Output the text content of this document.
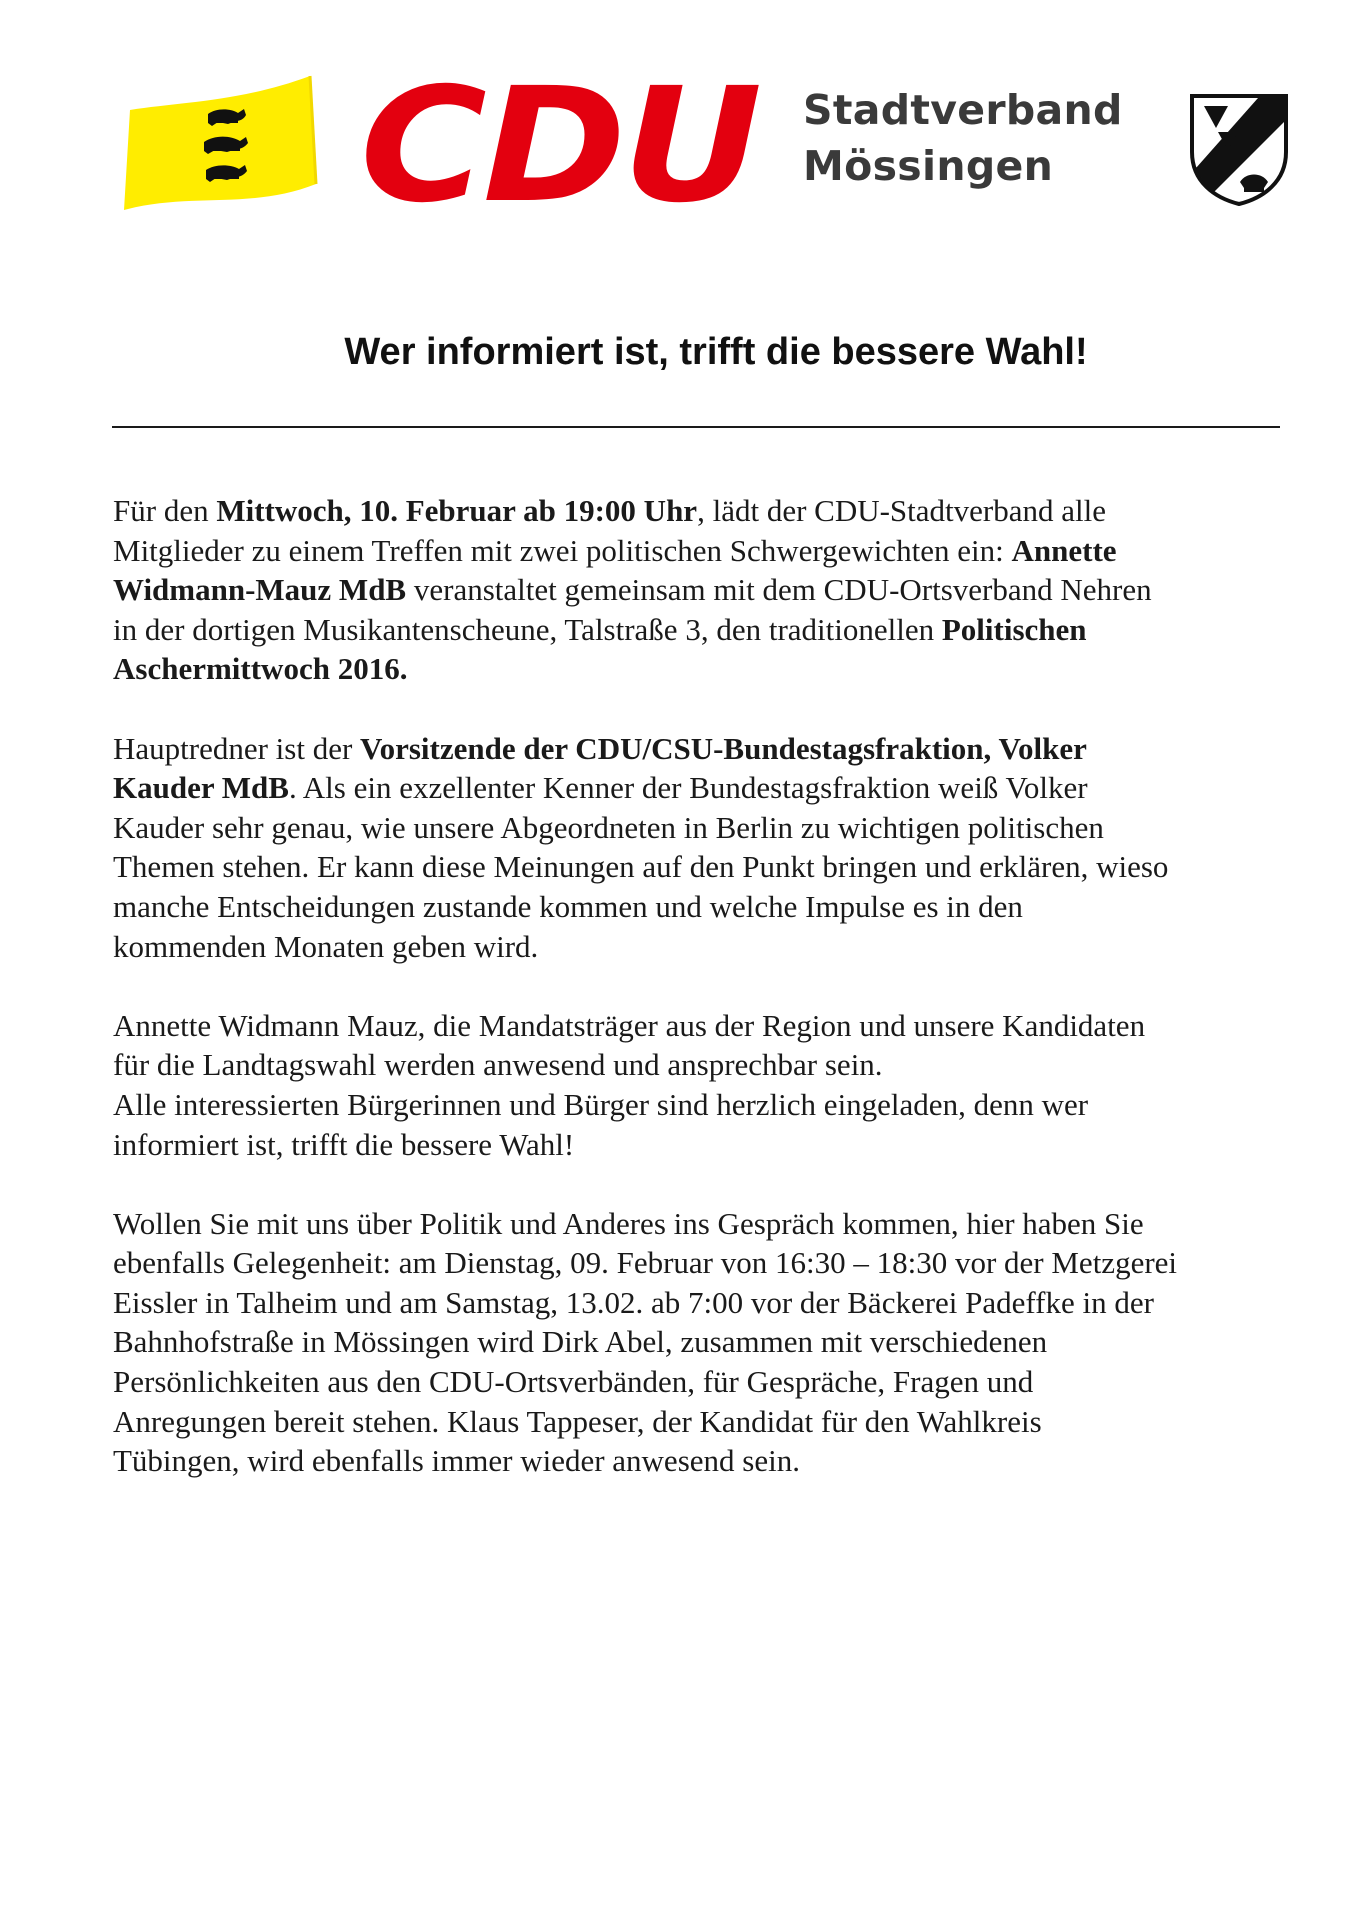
CDU Stadtverband
Mössingen
Wer informiert ist, trifft die bessere Wahl!
Für den Mittwoch, 10. Februar ab 19:00 Uhr, lädt der CDU-Stadtverband alle
Mitglieder zu einem Treffen mit zwei politischen Schwergewichten ein: Annette
Widmann-Mauz MdB veranstaltet gemeinsam mit dem CDU-Ortsverband Nehren
in der dortigen Musikantenscheune, Talstraße 3, den traditionellen Politischen
Aschermittwoch 2016.
Hauptredner ist der Vorsitzende der CDU/CSU-Bundestagsfraktion, Volker
Kauder MdB. Als ein exzellenter Kenner der Bundestagsfraktion weiß Volker
Kauder sehr genau, wie unsere Abgeordneten in Berlin zu wichtigen politischen
Themen stehen. Er kann diese Meinungen auf den Punkt bringen und erklären, wieso
manche Entscheidungen zustande kommen und welche Impulse es in den
kommenden Monaten geben wird.
Annette Widmann Mauz, die Mandatsträger aus der Region und unsere Kandidaten
für die Landtagswahl werden anwesend und ansprechbar sein.
Alle interessierten Bürgerinnen und Bürger sind herzlich eingeladen, denn wer
informiert ist, trifft die bessere Wahl!
Wollen Sie mit uns über Politik und Anderes ins Gespräch kommen, hier haben Sie
ebenfalls Gelegenheit: am Dienstag, 09. Februar von 16:30 – 18:30 vor der Metzgerei
Eissler in Talheim und am Samstag, 13.02. ab 7:00 vor der Bäckerei Padeffke in der
Bahnhofstraße in Mössingen wird Dirk Abel, zusammen mit verschiedenen
Persönlichkeiten aus den CDU-Ortsverbänden, für Gespräche, Fragen und
Anregungen bereit stehen. Klaus Tappeser, der Kandidat für den Wahlkreis
Tübingen, wird ebenfalls immer wieder anwesend sein.
